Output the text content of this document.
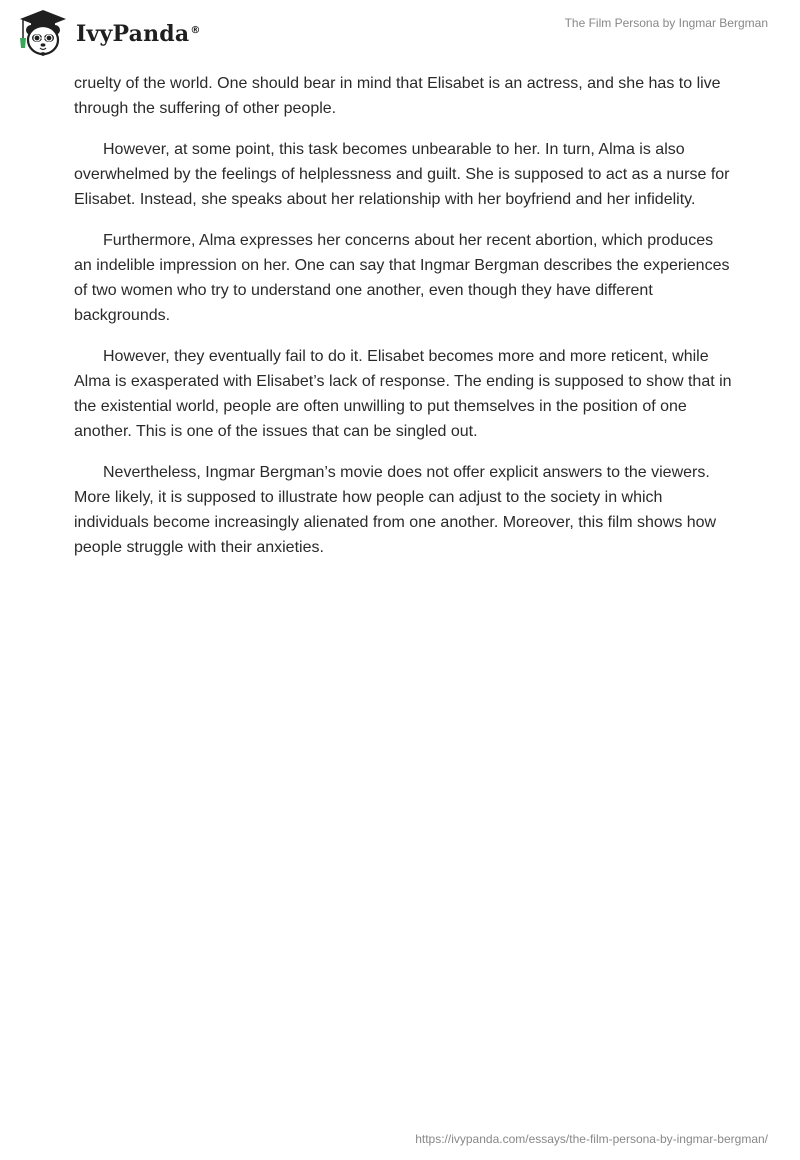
IvyPanda®
The Film Persona by Ingmar Bergman

cruelty of the world. One should bear in mind that Elisabet is an actress, and she has to live through the suffering of other people.

However, at some point, this task becomes unbearable to her. In turn, Alma is also overwhelmed by the feelings of helplessness and guilt. She is supposed to act as a nurse for Elisabet. Instead, she speaks about her relationship with her boyfriend and her infidelity.

Furthermore, Alma expresses her concerns about her recent abortion, which produces an indelible impression on her. One can say that Ingmar Bergman describes the experiences of two women who try to understand one another, even though they have different backgrounds.

However, they eventually fail to do it. Elisabet becomes more and more reticent, while Alma is exasperated with Elisabet’s lack of response. The ending is supposed to show that in the existential world, people are often unwilling to put themselves in the position of one another. This is one of the issues that can be singled out.

Nevertheless, Ingmar Bergman’s movie does not offer explicit answers to the viewers. More likely, it is supposed to illustrate how people can adjust to the society in which individuals become increasingly alienated from one another. Moreover, this film shows how people struggle with their anxieties.

https://ivypanda.com/essays/the-film-persona-by-ingmar-bergman/
